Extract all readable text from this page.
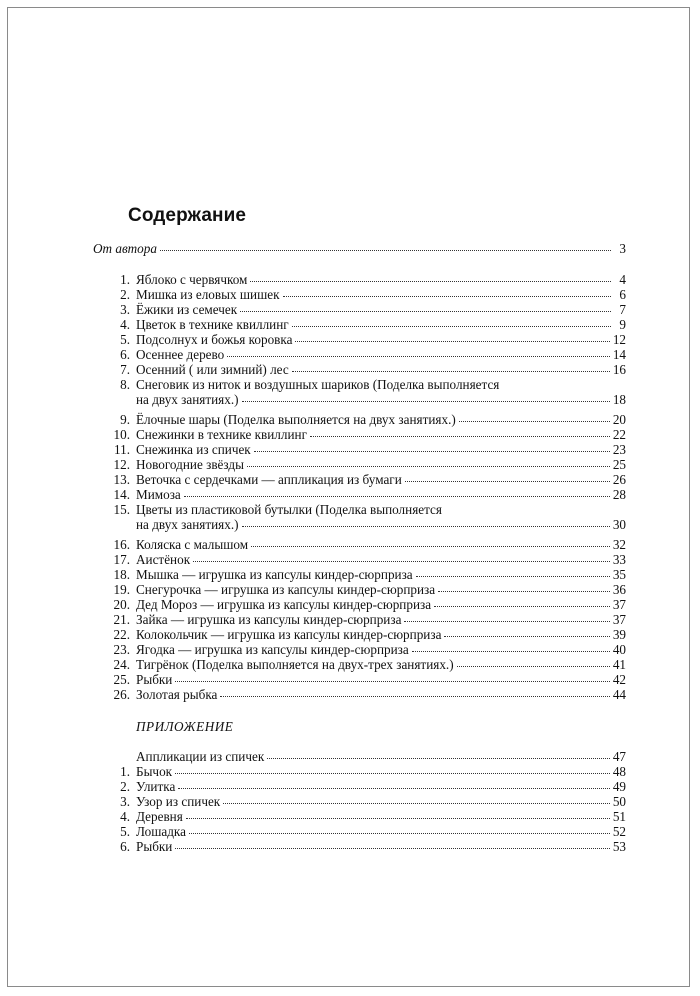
Содержание
От автора	3
1. Яблоко с червячком	4
2. Мишка из еловых шишек	6
3. Ёжики из семечек	7
4. Цветок в технике квиллинг	9
5. Подсолнух и божья коровка	12
6. Осеннее дерево	14
7. Осенний ( или зимний) лес	16
8. Снеговик из ниток и воздушных шариков (Поделка выполняется
на двух занятиях.)	18
9. Ёлочные шары (Поделка выполняется на двух занятиях.)	20
10. Снежинки в технике квиллинг	22
11. Снежинка из спичек	23
12. Новогодние звёзды	25
13. Веточка с сердечками — аппликация из бумаги	26
14. Мимоза	28
15. Цветы из пластиковой бутылки (Поделка выполняется
на двух занятиях.)	30
16. Коляска с малышом	32
17. Аистёнок	33
18. Мышка — игрушка из капсулы киндер-сюрприза	35
19. Снегурочка — игрушка из капсулы киндер-сюрприза	36
20. Дед Мороз — игрушка из капсулы киндер-сюрприза	37
21. Зайка — игрушка из капсулы киндер-сюрприза	37
22. Колокольчик — игрушка из капсулы киндер-сюрприза	39
23. Ягодка — игрушка из капсулы киндер-сюрприза	40
24. Тигрёнок (Поделка выполняется на двух-трех занятиях.)	41
25. Рыбки	42
26. Золотая рыбка	44
ПРИЛОЖЕНИЕ
Аппликации из спичек	47
1. Бычок	48
2. Улитка	49
3. Узор из спичек	50
4. Деревня	51
5. Лошадка	52
6. Рыбки	53
